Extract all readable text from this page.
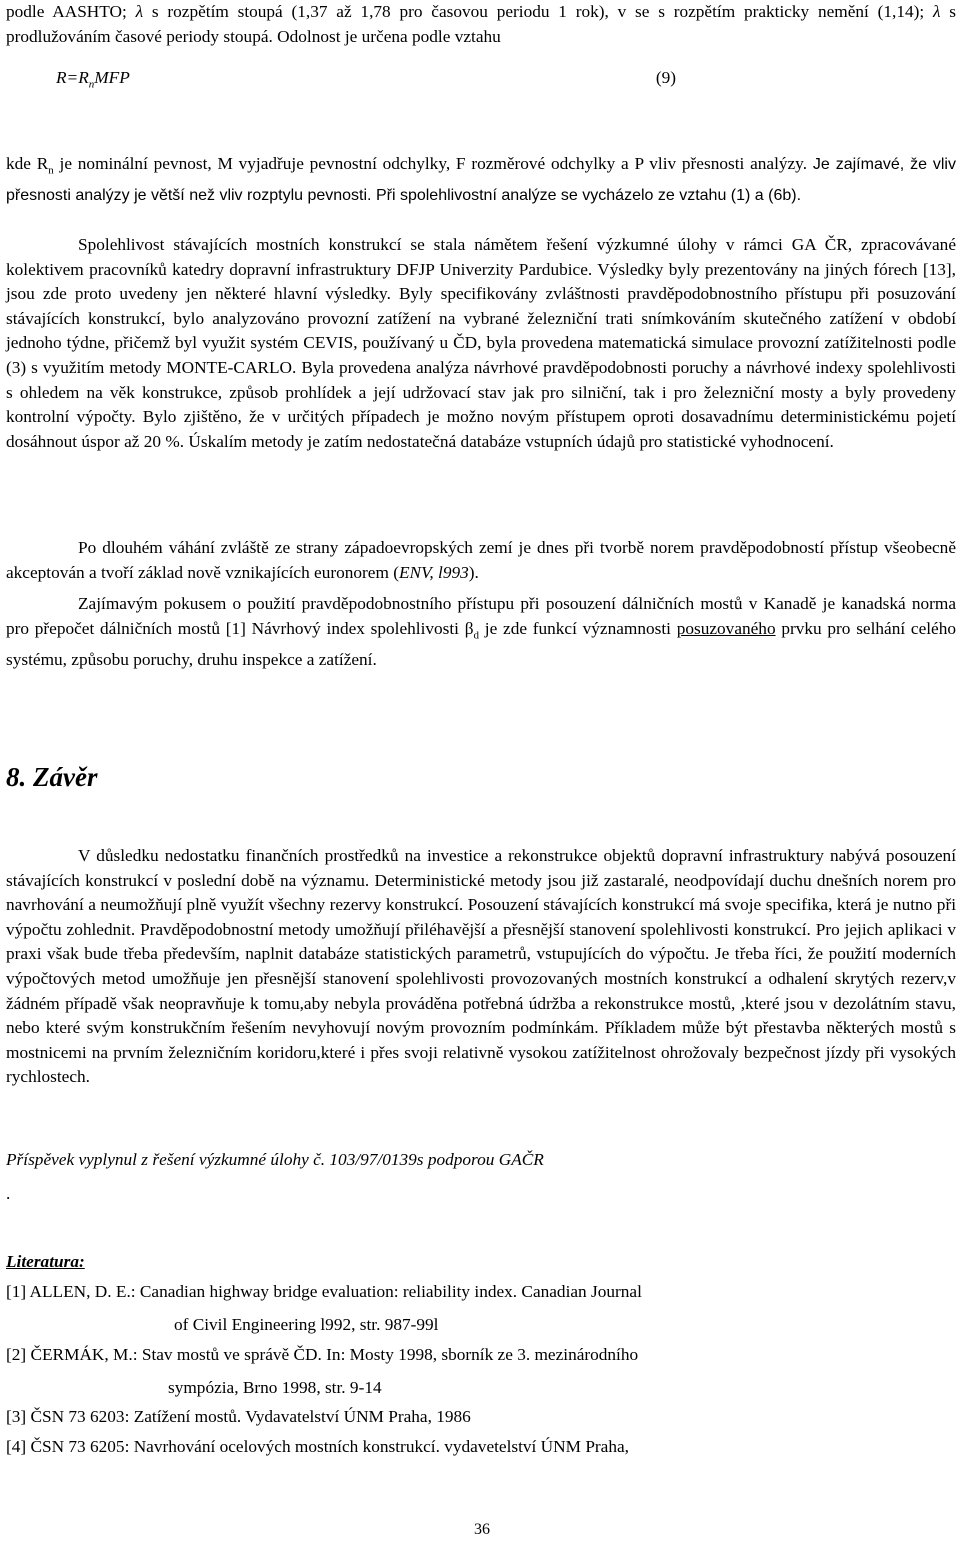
podle AASHTO; λ s rozpětím stoupá (1,37 až 1,78 pro časovou periodu 1 rok), v se s rozpětím prakticky nemění (1,14); λ s prodlužováním časové periody stoupá. Odolnost je určena podle vztahu

$R=R_nMFP$	(9)

kde $R_n$ je nominální pevnost, M vyjadřuje pevnostní odchylky, F rozměrové odchylky a P vliv přesnosti analýzy. Je zajímavé, že vliv přesnosti analýzy je větší než vliv rozptylu pevnosti. Při spolehlivostní analýze se vycházelo ze vztahu (1) a (6b).

Spolehlivost stávajících mostních konstrukcí se stala námětem řešení výzkumné úlohy v rámci GA ČR, zpracovávané kolektivem pracovníků katedry dopravní infrastruktury DFJP Univerzity Pardubice. Výsledky byly prezentovány na jiných fórech [13], jsou zde proto uvedeny jen některé hlavní výsledky. Byly specifikovány zvláštnosti pravděpodobnostního přístupu při posuzování stávajících konstrukcí, bylo analyzováno provozní zatížení na vybrané železniční trati snímkováním skutečného zatížení v období jednoho týdne, přičemž byl využit systém CEVIS, používaný u ČD, byla provedena matematická simulace provozní zatížitelnosti podle (3) s využitím metody MONTE-CARLO. Byla provedena analýza návrhové pravděpodobnosti poruchy a návrhové indexy spolehlivosti s ohledem na věk konstrukce, způsob prohlídek a její udržovací stav jak pro silniční, tak i pro železniční mosty a byly provedeny kontrolní výpočty. Bylo zjištěno, že v určitých případech je možno novým přístupem oproti dosavadnímu deterministickému pojetí dosáhnout úspor až 20 %. Úskalím metody je zatím nedostatečná databáze vstupních údajů pro statistické vyhodnocení.

Po dlouhém váhání zvláště ze strany západoevropských zemí je dnes při tvorbě norem pravděpodobností přístup všeobecně akceptován a tvoří základ nově vznikajících euronorem (ENV, l993).

Zajímavým pokusem o použití pravděpodobnostního přístupu při posouzení dálničních mostů v Kanadě je kanadská norma pro přepočet dálničních mostů [1] Návrhový index spolehlivosti $\beta_d$ je zde funkcí významnosti posuzovaného prvku pro selhání celého systému, způsobu poruchy, druhu inspekce a zatížení.

8. Závěr

V důsledku nedostatku finančních prostředků na investice a rekonstrukce objektů dopravní infrastruktury nabývá posouzení stávajících konstrukcí v poslední době na významu. Deterministické metody jsou již zastaralé, neodpovídají duchu dnešních norem pro navrhování a neumožňují plně využít všechny rezervy konstrukcí. Posouzení stávajících konstrukcí má svoje specifika, která je nutno při výpočtu zohlednit. Pravděpodobnostní metody umožňují přiléhavější a přesnější stanovení spolehlivosti konstrukcí. Pro jejich aplikaci v praxi však bude třeba především, naplnit databáze statistických parametrů, vstupujících do výpočtu. Je třeba říci, že použití moderních výpočtových metod umožňuje jen přesnější stanovení spolehlivosti provozovaných mostních konstrukcí a odhalení skrytých rezerv,v žádném případě však neopravňuje k tomu,aby nebyla prováděna potřebná údržba a rekonstrukce mostů, ,které jsou v dezolátním stavu, nebo které svým konstrukčním řešením nevyhovují novým provozním podmínkám. Příkladem může být přestavba některých mostů s mostnicemi na prvním železničním koridoru,které i přes svoji relativně vysokou zatížitelnost ohrožovaly bezpečnost jízdy při vysokých rychlostech.

Příspěvek vyplynul z řešení výzkumné úlohy č. 103/97/0139s podporou GAČR
.
Literatura:
[1] ALLEN, D. E.: Canadian highway bridge evaluation: reliability index. Canadian Journal
of Civil Engineering l992, str. 987-99l
[2] ČERMÁK, M.: Stav mostů ve správě ČD. In: Mosty 1998, sborník ze 3. mezinárodního
sympózia, Brno 1998, str. 9-14
[3] ČSN 73 6203: Zatížení mostů. Vydavatelství ÚNM Praha, 1986
[4] ČSN 73 6205: Navrhování ocelových mostních konstrukcí. vydavetelství ÚNM Praha,
36
